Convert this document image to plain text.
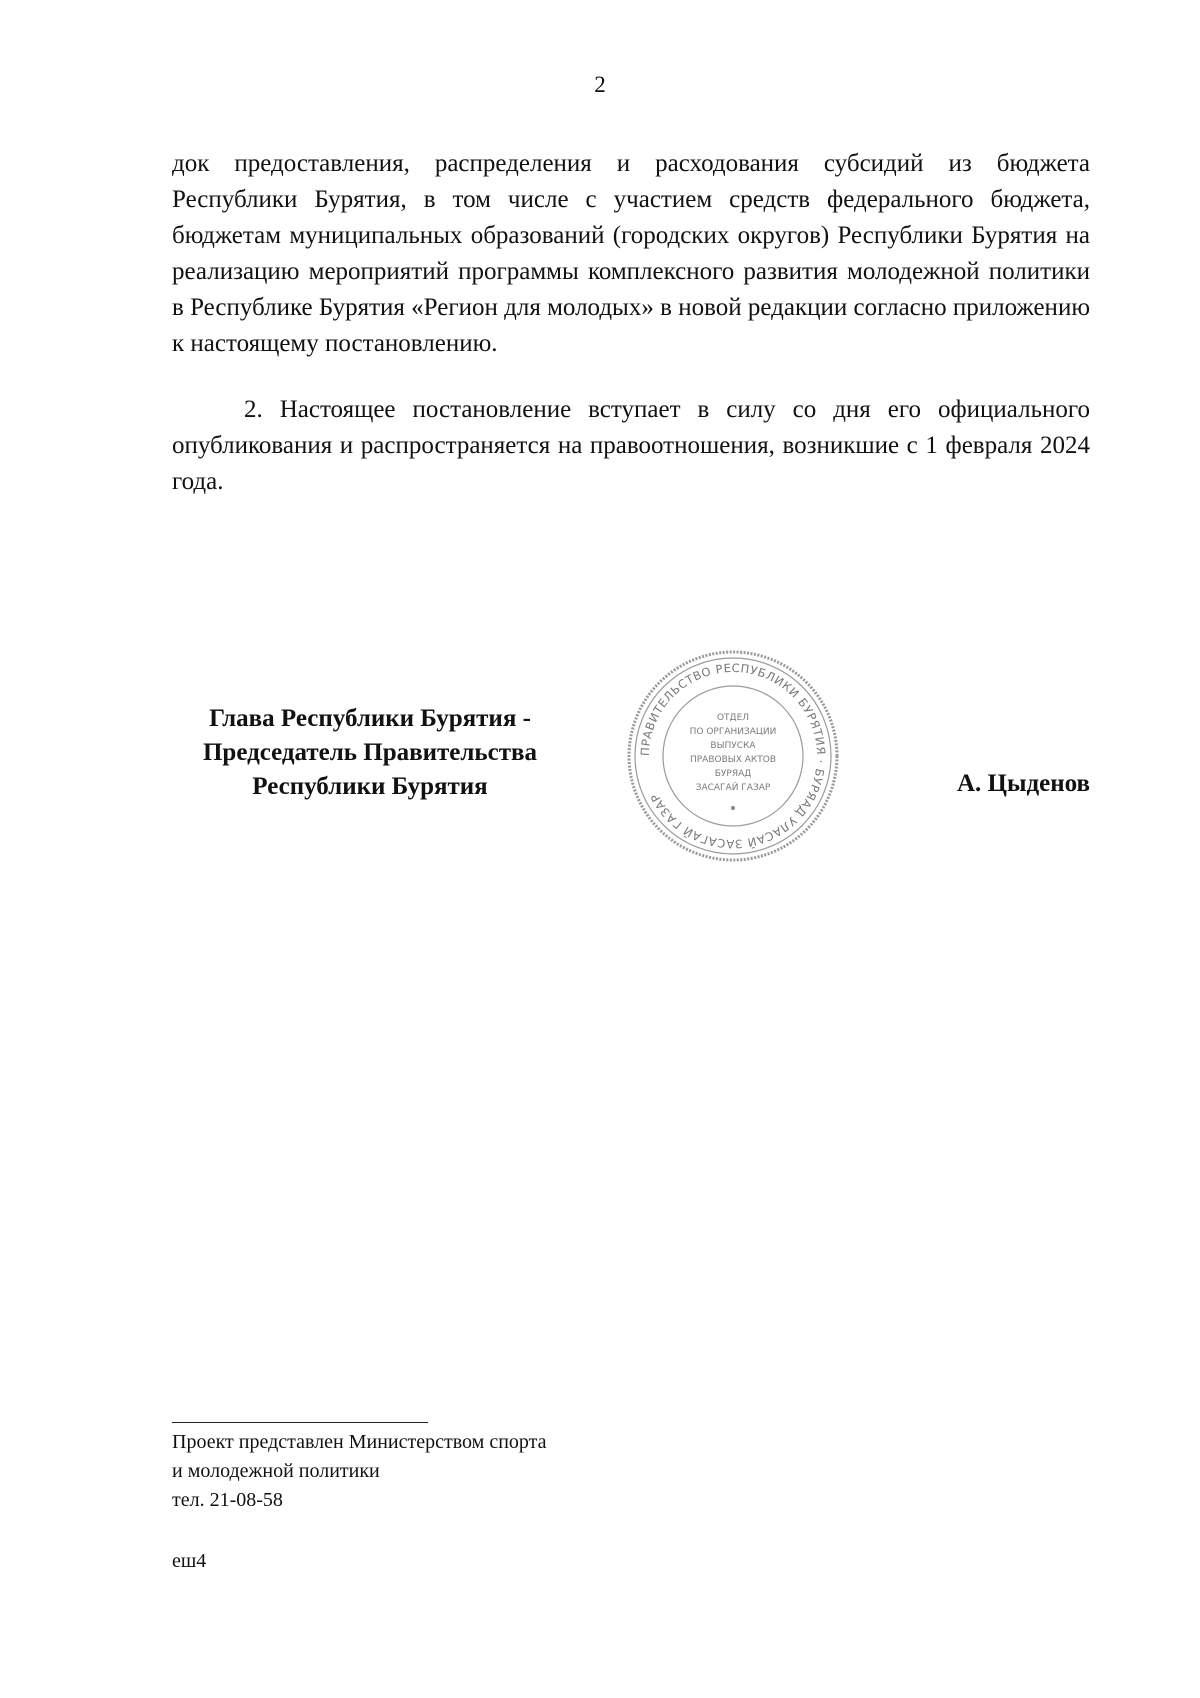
2

док предоставления, распределения и расходования субсидий из бюджета Республики Бурятия, в том числе с участием средств федерального бюджета, бюджетам муниципальных образований (городских округов) Республики Бурятия на реализацию мероприятий программы комплексного развития молодежной политики в Республике Бурятия «Регион для молодых» в новой редакции согласно приложению к настоящему постановлению.

2. Настоящее постановление вступает в силу со дня его официального опубликования и распространяется на правоотношения, возникшие с 1 февраля 2024 года.

Глава Республики Бурятия -
Председатель Правительства
Республики Бурятия
ПРАВИТЕЛЬСТВО РЕСПУБЛИКИ БУРЯТИЯ · БУРЯАД УЛАСАЙ ЗАСАГАЙ ГАЗАР
ОТДЕЛ
ПО ОРГАНИЗАЦИИ
ВЫПУСКА
ПРАВОВЫХ АКТОВ
БУРЯАД
ЗАСАГАЙ ГАЗАР	А. Цыденов
Проект представлен Министерством спорта
и молодежной политики
тел. 21-08-58
еш4
